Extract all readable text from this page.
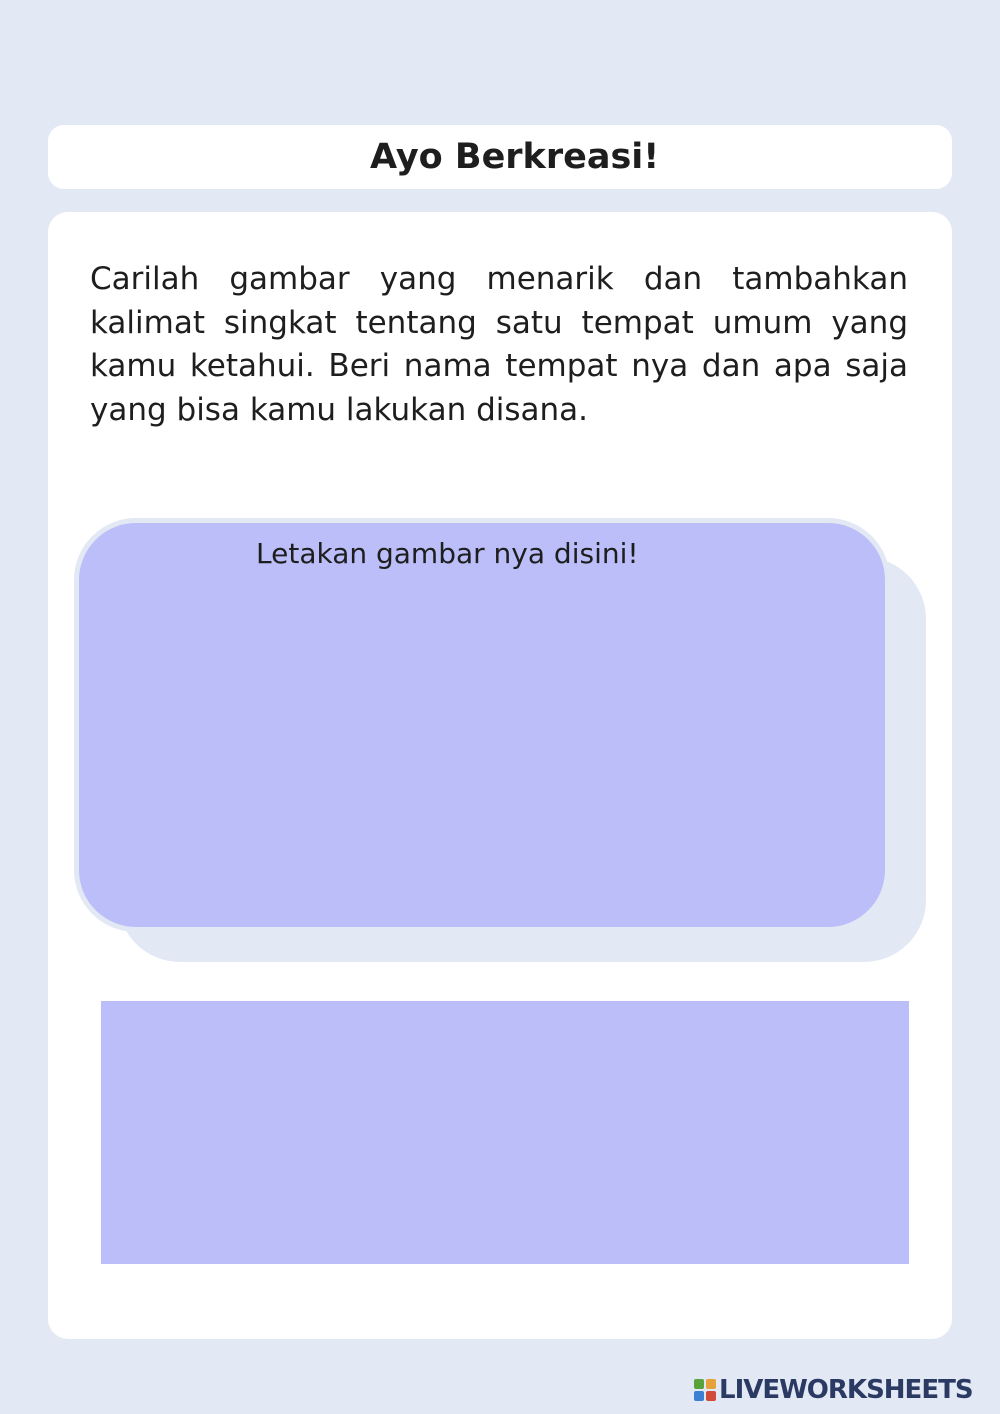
Ayo Berkreasi!

Carilah gambar yang menarik dan tambahkan kalimat singkat tentang satu tempat umum yang kamu ketahui. Beri nama tempat nya dan apa saja yang bisa kamu lakukan disana.

Letakan gambar nya disini!
LIVEWORKSHEETS
